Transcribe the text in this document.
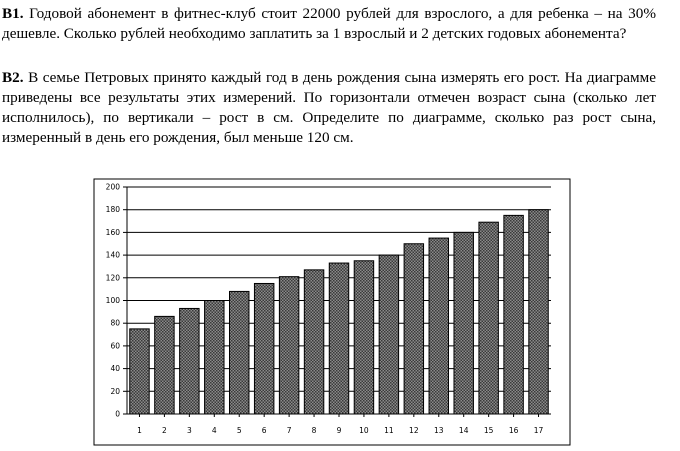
B1. Годовой абонемент в фитнес-клуб стоит 22000 рублей для взрослого, а для ребенка – на 30% дешевле. Сколько рублей необходимо заплатить за 1 взрослый и 2 детских годовых абонемента?
B2. В семье Петровых принято каждый год в день рождения сына измерять его рост. На диаграмме приведены все результаты этих измерений. По горизонтали отмечен возраст сына (сколько лет исполнилось), по вертикали – рост в см. Определите по диаграмме, сколько раз рост сына, измеренный в день его рождения, был меньше 120 см.
0
20
40
60
80
100
120
140
160
180
200
1	2	3	4	5	6	7	8	9 10 11 12 13 14 15 16 17
